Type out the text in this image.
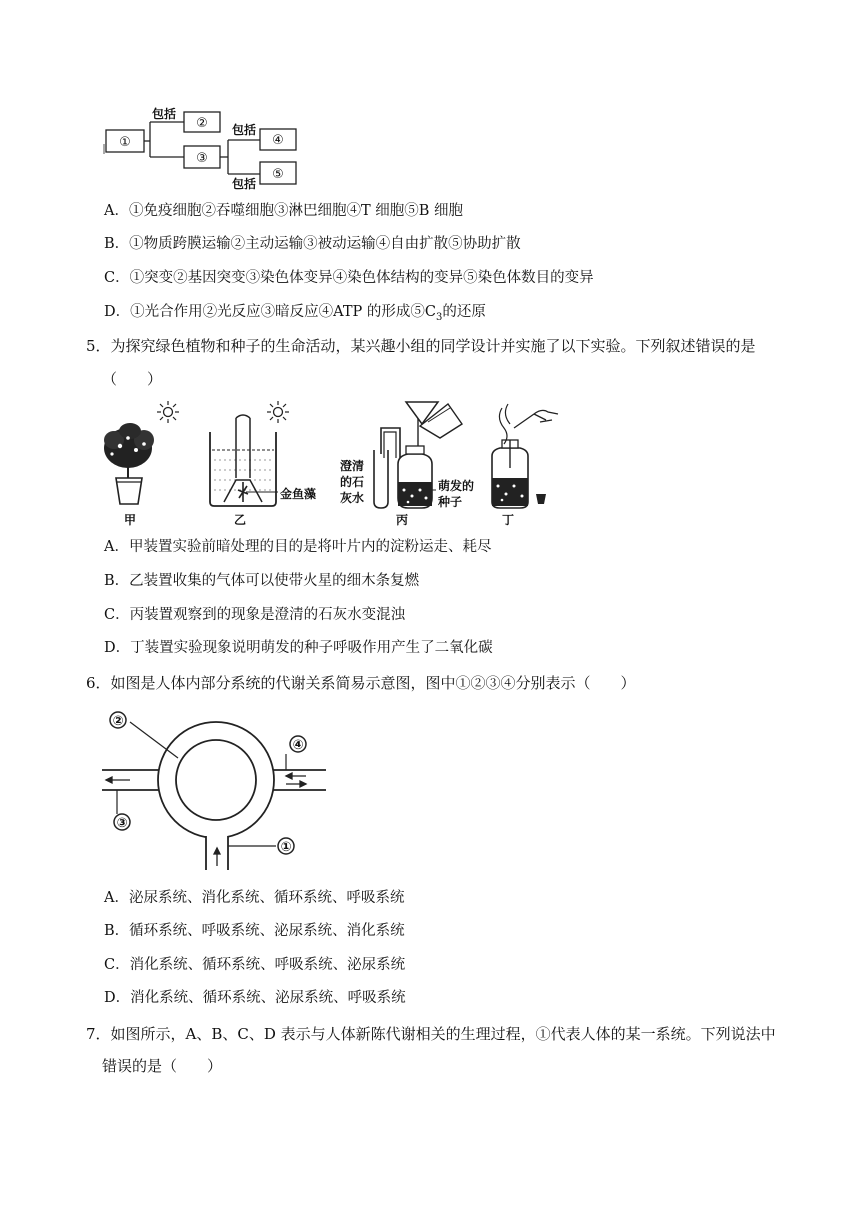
①
包括
②
③
包括
包括
④
⑤
A．①免疫细胞②吞噬细胞③淋巴细胞④T 细胞⑤B 细胞
B．①物质跨膜运输②主动运输③被动运输④自由扩散⑤协助扩散
C．①突变②基因突变③染色体变异④染色体结构的变异⑤染色体数目的变异
D．①光合作用②光反应③暗反应④ATP 的形成$⑤C_3$的还原
5．为探究绿色植物和种子的生命活动，某兴趣小组的同学设计并实施了以下实验。下列叙述错误的是
（　　）
甲	乙	丙	丁
金鱼藻
澄清
的石
灰水
萌发的
种子
A．甲装置实验前暗处理的目的是将叶片内的淀粉运走、耗尽
B．乙装置收集的气体可以使带火星的细木条复燃
C．丙装置观察到的现象是澄清的石灰水变混浊
D．丁装置实验现象说明萌发的种子呼吸作用产生了二氧化碳
6．如图是人体内部分系统的代谢关系简易示意图，图中①②③④分别表示（　　）
②
③
④
①
A．泌尿系统、消化系统、循环系统、呼吸系统
B．循环系统、呼吸系统、泌尿系统、消化系统
C．消化系统、循环系统、呼吸系统、泌尿系统
D．消化系统、循环系统、泌尿系统、呼吸系统
7．如图所示，A、B、C、D 表示与人体新陈代谢相关的生理过程，①代表人体的某一系统。下列说法中
错误的是（　　）
